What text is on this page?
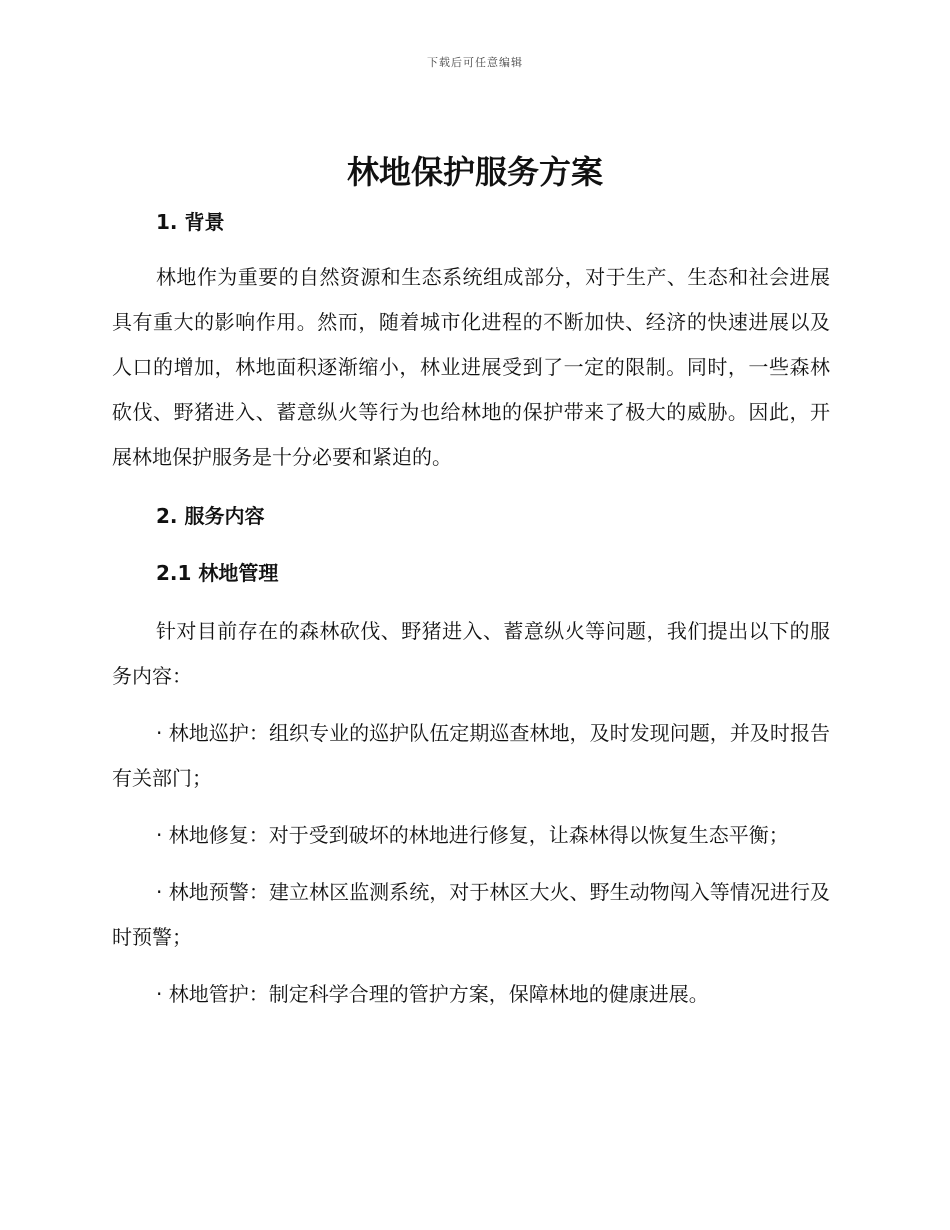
下载后可任意编辑
林地保护服务方案
1. 背景

林地作为重要的自然资源和生态系统组成部分，对于生产、生态和社会进展具有重大的影响作用。然而，随着城市化进程的不断加快、经济的快速进展以及人口的增加，林地面积逐渐缩小，林业进展受到了一定的限制。同时，一些森林砍伐、野猪进入、蓄意纵火等行为也给林地的保护带来了极大的威胁。因此，开展林地保护服务是十分必要和紧迫的。

2. 服务内容
2.1 林地管理

针对目前存在的森林砍伐、野猪进入、蓄意纵火等问题，我们提出以下的服务内容：

· 林地巡护：组织专业的巡护队伍定期巡查林地，及时发现问题，并及时报告有关部门；

· 林地修复：对于受到破坏的林地进行修复，让森林得以恢复生态平衡；

· 林地预警：建立林区监测系统，对于林区大火、野生动物闯入等情况进行及时预警；

· 林地管护：制定科学合理的管护方案，保障林地的健康进展。
